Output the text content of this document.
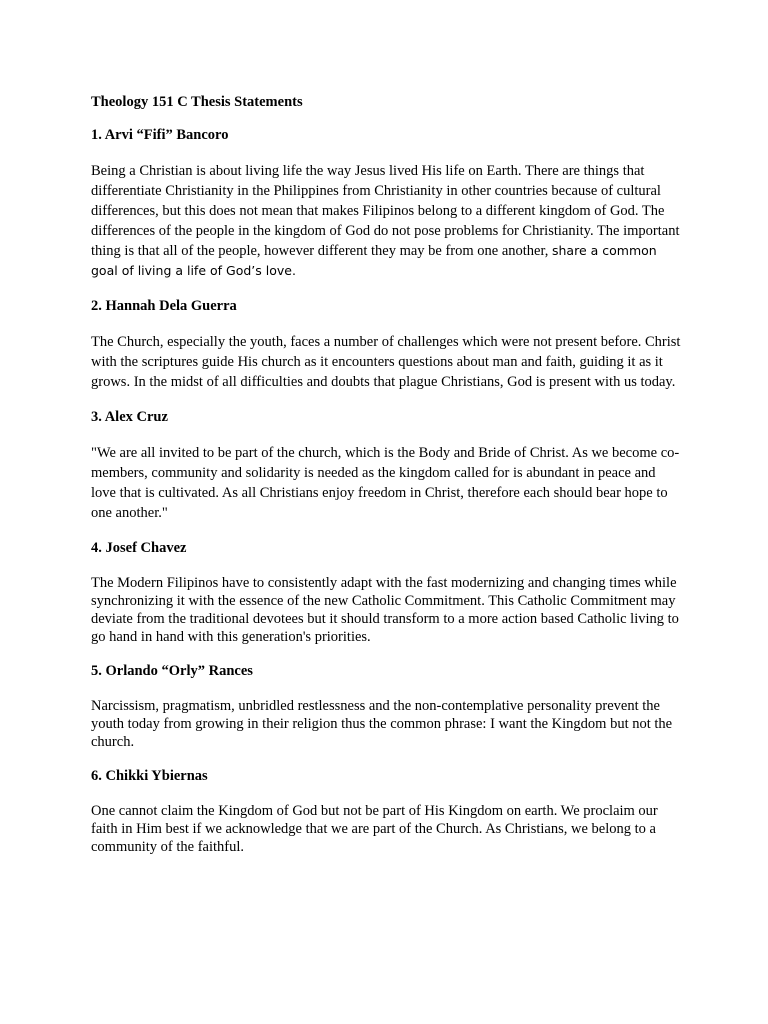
Theology 151 C Thesis Statements
1. Arvi “Fifi” Bancoro
Being a Christian is about living life the way Jesus lived His life on Earth. There are things that differentiate Christianity in the Philippines from Christianity in other countries because of cultural differences, but this does not mean that makes Filipinos belong to a different kingdom of God. The differences of the people in the kingdom of God do not pose problems for Christianity. The important thing is that all of the people, however different they may be from one another, share a common goal of living a life of God’s love.
2. Hannah Dela Guerra
The Church, especially the youth, faces a number of challenges which were not present before. Christ with the scriptures guide His church as it encounters questions about man and faith, guiding it as it grows. In the midst of all difficulties and doubts that plague Christians, God is present with us today.
3. Alex Cruz
"We are all invited to be part of the church, which is the Body and Bride of Christ. As we become co-members, community and solidarity is needed as the kingdom called for is abundant in peace and love that is cultivated. As all Christians enjoy freedom in Christ, therefore each should bear hope to one another."
4. Josef Chavez
The Modern Filipinos have to consistently adapt with the fast modernizing and changing times while synchronizing it with the essence of the new Catholic Commitment. This Catholic Commitment may deviate from the traditional devotees but it should transform to a more action based Catholic living to go hand in hand with this generation's priorities.
5. Orlando “Orly” Rances
Narcissism, pragmatism, unbridled restlessness and the non-contemplative personality prevent the youth today from growing in their religion thus the common phrase: I want the Kingdom but not the church.
6. Chikki Ybiernas
One cannot claim the Kingdom of God but not be part of His Kingdom on earth. We proclaim our faith in Him best if we acknowledge that we are part of the Church. As Christians, we belong to a community of the faithful.
